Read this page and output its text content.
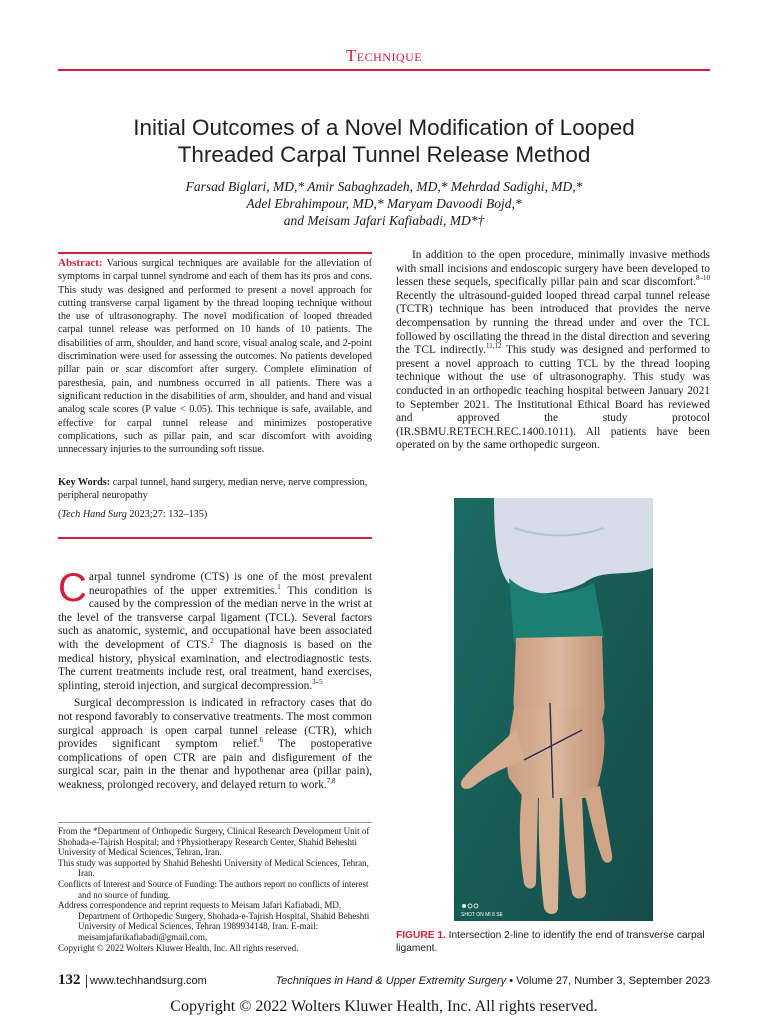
Technique
Initial Outcomes of a Novel Modification of Looped
Threaded Carpal Tunnel Release Method
Farsad Biglari, MD,* Amir Sabaghzadeh, MD,* Mehrdad Sadighi, MD,*
Adel Ebrahimpour, MD,* Maryam Davoodi Bojd,*
and Meisam Jafari Kafiabadi, MD*†
Abstract: Various surgical techniques are available for the alleviation of symptoms in carpal tunnel syndrome and each of them has its pros and cons. This study was designed and performed to present a novel approach for cutting transverse carpal ligament by the thread looping technique without the use of ultrasonography. The novel modification of looped threaded carpal tunnel release was performed on 10 hands of 10 patients. The disabilities of arm, shoulder, and hand score, visual analog scale, and 2-point discrimination were used for assessing the outcomes. No patients developed pillar pain or scar discomfort after surgery. Complete elimination of paresthesia, pain, and numbness occurred in all patients. There was a significant reduction in the disabilities of arm, shoulder, and hand and visual analog scale scores (P value < 0.05). This technique is safe, available, and effective for carpal tunnel release and minimizes postoperative complications, such as pillar pain, and scar discomfort with avoiding unnecessary injuries to the surrounding soft tissue.
Key Words: carpal tunnel, hand surgery, median nerve, nerve compression, peripheral neuropathy
(Tech Hand Surg 2023;27: 132–135)

Carpal tunnel syndrome (CTS) is one of the most prevalent neuropathies of the upper extremities.$^1$ This condition is caused by the compression of the median nerve in the wrist at the level of the transverse carpal ligament (TCL). Several factors such as anatomic, systemic, and occupational have been associated with the development of CTS.$^2$ The diagnosis is based on the medical history, physical examination, and electrodiagnostic tests. The current treatments include rest, oral treatment, hand exercises, splinting, steroid injection, and surgical decompression.$^{3-5}$

Surgical decompression is indicated in refractory cases that do not respond favorably to conservative treatments. The most common surgical approach is open carpal tunnel release (CTR), which provides significant symptom relief.$^6$ The postoperative complications of open CTR are pain and disfigurement of the surgical scar, pain in the thenar and hypothenar area (pillar pain), weakness, prolonged recovery, and delayed return to work.$^{7,8}$

From the *Department of Orthopedic Surgery, Clinical Research Development Unit of Shohada-e-Tajrish Hospital; and †Physiotherapy Research Center, Shahid Beheshti University of Medical Sciences, Tehran, Iran.
This study was supported by Shahid Beheshti University of Medical Sciences, Tehran, Iran.
Conflicts of Interest and Source of Funding: The authors report no conflicts of interest and no source of funding.
Address correspondence and reprint requests to Meisam Jafari Kafiabadi, MD, Department of Orthopedic Surgery, Shohada-e-Tajrish Hospital, Shahid Beheshti University of Medical Sciences, Tehran 1989934148, Iran. E-mail: meisamjafarikafiabadi@gmail.com.
Copyright © 2022 Wolters Kluwer Health, Inc. All rights reserved.

In addition to the open procedure, minimally invasive methods with small incisions and endoscopic surgery have been developed to lessen these sequels, specifically pillar pain and scar discomfort.$^{8-10}$ Recently the ultrasound-guided looped thread carpal tunnel release (TCTR) technique has been introduced that provides the nerve decompensation by running the thread under and over the TCL followed by oscillating the thread in the distal direction and severing the TCL indirectly.$^{11,12}$ This study was designed and performed to present a novel approach to cutting TCL by the thread looping technique without the use of ultrasonography. This study was conducted in an orthopedic teaching hospital between January 2021 to September 2021. The Institutional Ethical Board has reviewed and approved the study protocol (IR.SBMU.RETECH.REC.1400.1011). All patients have been operated on by the same orthopedic surgeon.

SHOT ON MI 8 SE
FIGURE 1. Intersection 2-line to identify the end of transverse carpal ligament.
132 www.techhandsurg.com	Techniques in Hand & Upper Extremity Surgery • Volume 27, Number 3, September 2023
Copyright © 2022 Wolters Kluwer Health, Inc. All rights reserved.
